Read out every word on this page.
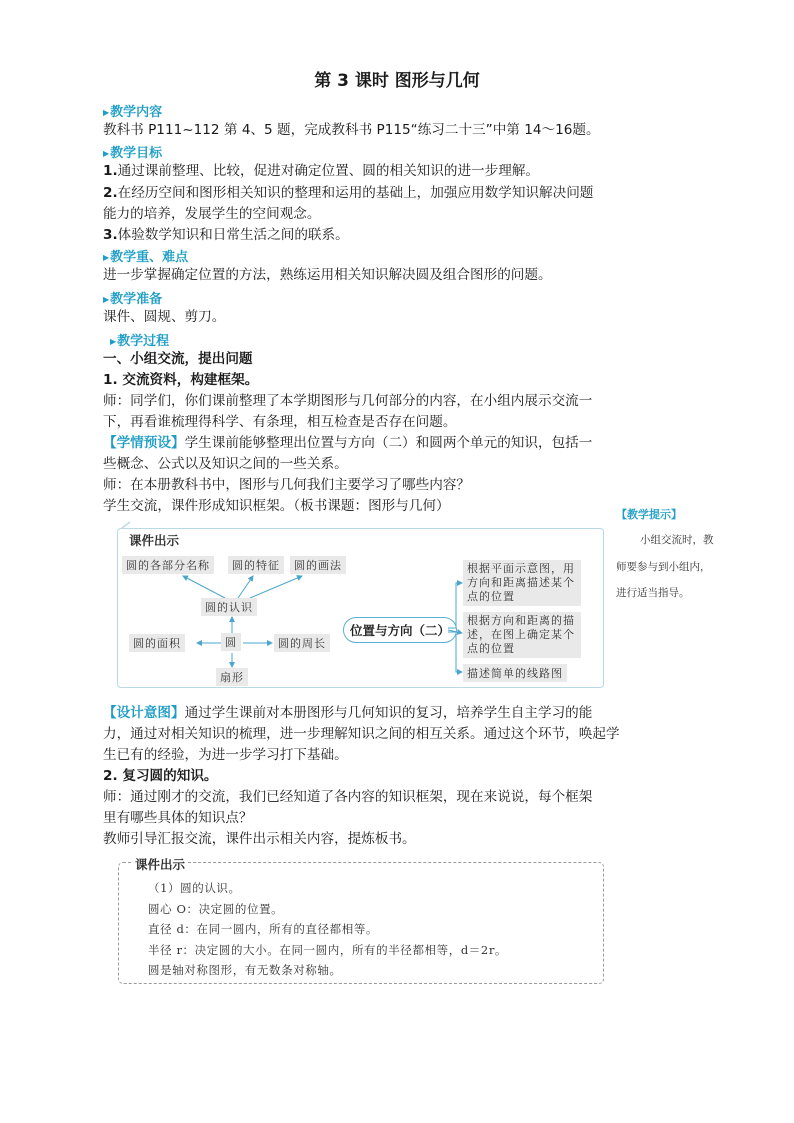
第 3 课时 图形与几何
▶教学内容
教科书 P111~112 第 4、5 题，完成教科书 P115“练习二十三”中第 14～16题。
▶教学目标
1.通过课前整理、比较，促进对确定位置、圆的相关知识的进一步理解。
2.在经历空间和图形相关知识的整理和运用的基础上，加强应用数学知识解决问题
能力的培养，发展学生的空间观念。
3.体验数学知识和日常生活之间的联系。
▶教学重、难点
进一步掌握确定位置的方法，熟练运用相关知识解决圆及组合图形的问题。
▶教学准备
课件、圆规、剪刀。
▶教学过程
一、小组交流，提出问题
1. 交流资料，构建框架。
师：同学们，你们课前整理了本学期图形与几何部分的内容，在小组内展示交流一
下，再看谁梳理得科学、有条理，相互检查是否存在问题。
【学情预设】学生课前能够整理出位置与方向（二）和圆两个单元的知识，包括一
些概念、公式以及知识之间的一些关系。
师：在本册教科书中，图形与几何我们主要学习了哪些内容？
学生交流，课件形成知识框架。（板书课题：图形与几何）
【教学提示】
小组交流时，教
师要参与到小组内，
进行适当指导。
课件出示
圆的各部分名称	圆的特征	圆的画法
圆的认识
圆的面积	圆	圆的周长
扇形
位置与方向（二）
根据平面示意图，用方向和距离描述某个点的位置
根据方向和距离的描述，在图上确定某个点的位置
描述简单的线路图
【设计意图】通过学生课前对本册图形与几何知识的复习，培养学生自主学习的能
力，通过对相关知识的梳理，进一步理解知识之间的相互关系。通过这个环节，唤起学
生已有的经验，为进一步学习打下基础。
2. 复习圆的知识。
师：通过刚才的交流，我们已经知道了各内容的知识框架，现在来说说，每个框架
里有哪些具体的知识点？
教师引导汇报交流，课件出示相关内容，提炼板书。
课件出示
（1）圆的认识。
圆心 O：决定圆的位置。
直径 d：在同一圆内，所有的直径都相等。
半径 r：决定圆的大小。在同一圆内，所有的半径都相等，d＝2r。
圆是轴对称图形，有无数条对称轴。
